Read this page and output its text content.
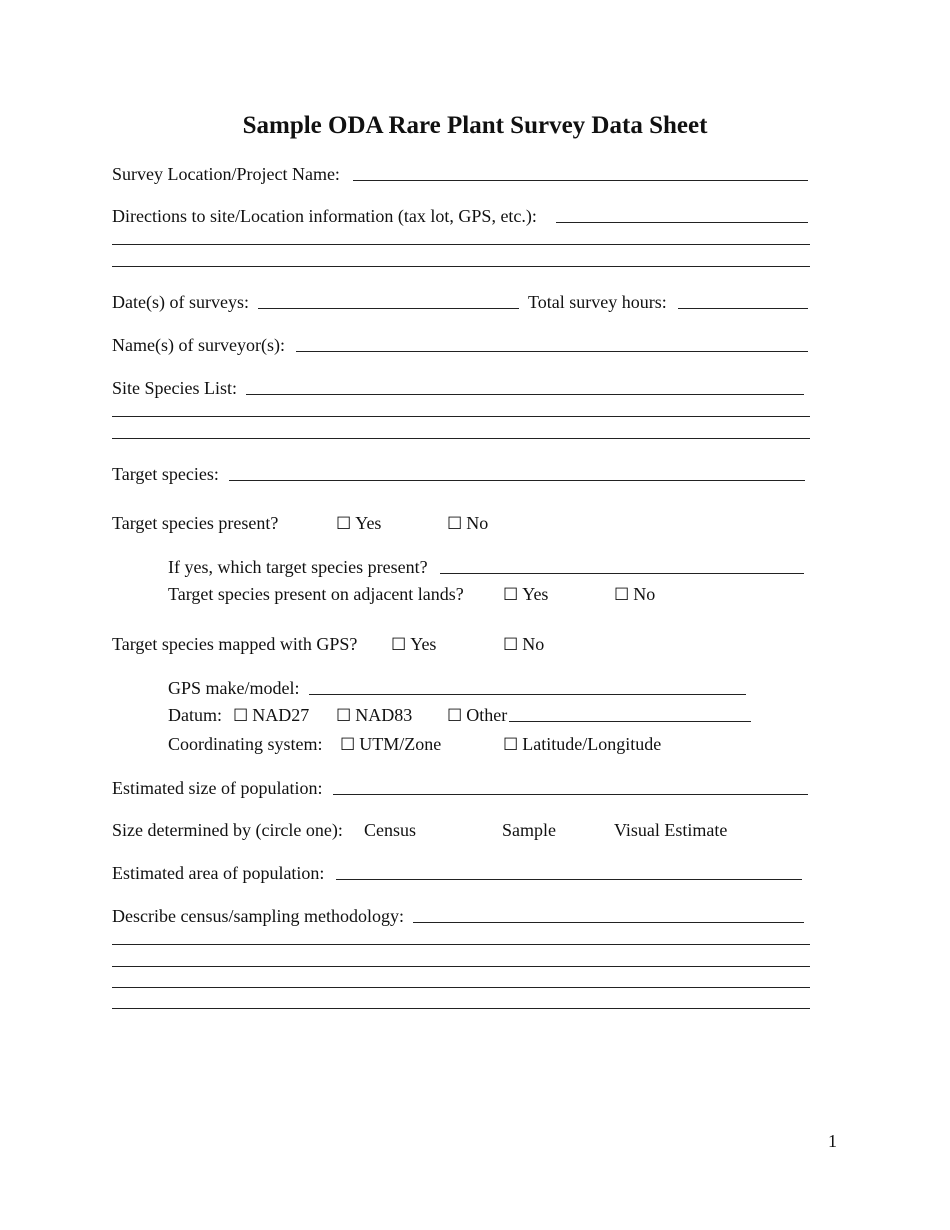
Sample ODA Rare Plant Survey Data Sheet
Survey Location/Project Name:
Directions to site/Location information (tax lot, GPS, etc.):
Date(s) of surveys:	Total survey hours:
Name(s) of surveyor(s):
Site Species List:
Target species:
Target species present?	☐ Yes	☐ No
If yes, which target species present?
Target species present on adjacent lands? ☐ Yes	☐ No
Target species mapped with GPS? ☐ Yes	☐ No
GPS make/model:
Datum: ☐ NAD27 ☐ NAD83 ☐ Other
Coordinating system: ☐ UTM/Zone	☐ Latitude/Longitude
Estimated size of population:
Size determined by (circle one): Census	Sample	Visual Estimate
Estimated area of population:
Describe census/sampling methodology:
1
